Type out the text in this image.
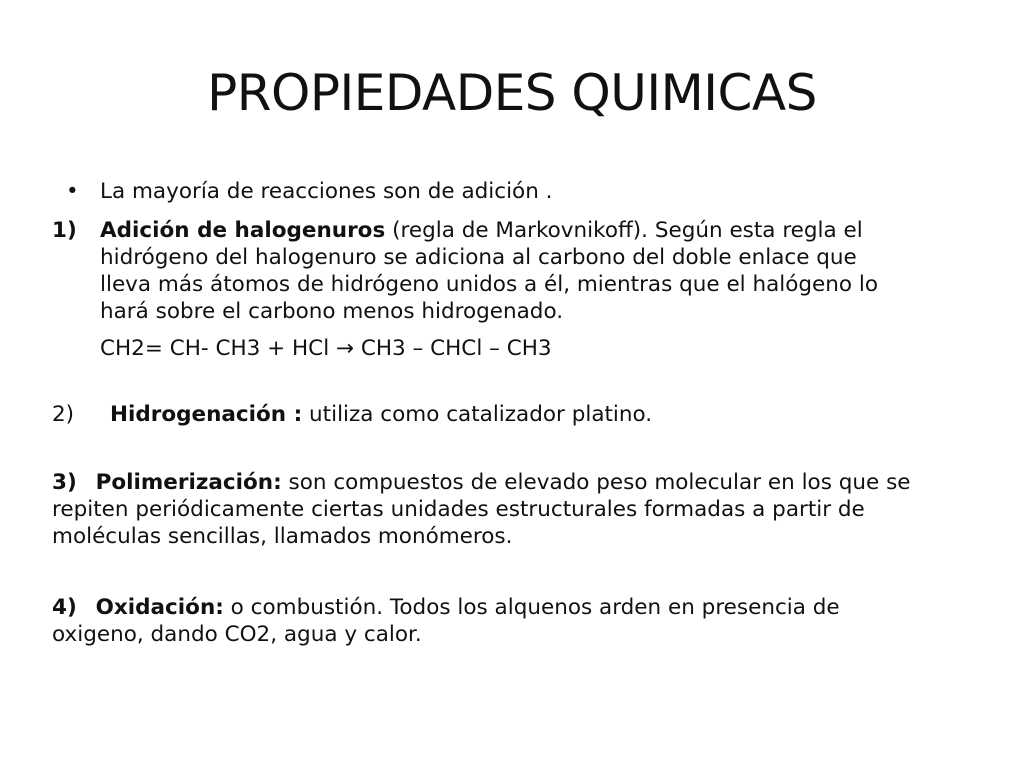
PROPIEDADES QUIMICAS
• La mayoría de reacciones son de adición .
1) Adición de halogenuros (regla de Markovnikoff). Según esta regla el
hidrógeno del halogenuro se adiciona al carbono del doble enlace que
lleva más átomos de hidrógeno unidos a él, mientras que el halógeno lo
hará sobre el carbono menos hidrogenado.
CH2= CH- CH3 + HCl → CH3 – CHCl – CH3
2) Hidrogenación : utiliza como catalizador platino.
3) Polimerización: son compuestos de elevado peso molecular en los que se
repiten periódicamente ciertas unidades estructurales formadas a partir de
moléculas sencillas, llamados monómeros.
4) Oxidación: o combustión. Todos los alquenos arden en presencia de
oxigeno, dando CO2, agua y calor.
